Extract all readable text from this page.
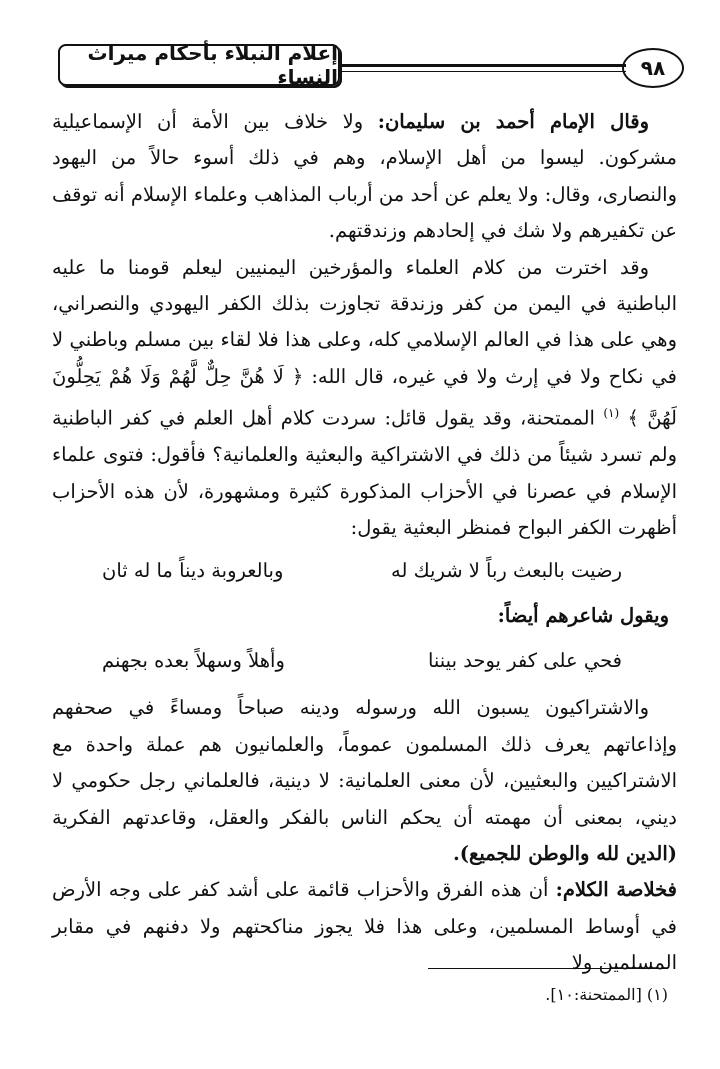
إعلام النبلاء بأحكام ميراث النساء	٩٨

وقال الإمام أحمد بن سليمان: ولا خلاف بين الأمة أن الإسماعيلية مشركون. ليسوا من أهل الإسلام، وهم في ذلك أسوء حالاً من اليهود والنصارى، وقال: ولا يعلم عن أحد من أرباب المذاهب وعلماء الإسلام أنه توقف عن تكفيرهم ولا شك في إلحادهم وزندقتهم.

وقد اخترت من كلام العلماء والمؤرخين اليمنيين ليعلم قومنا ما عليه الباطنية في اليمن من كفر وزندقة تجاوزت بذلك الكفر اليهودي والنصراني، وهي على هذا في العالم الإسلامي كله، وعلى هذا فلا لقاء بين مسلم وباطني لا في نكاح ولا في إرث ولا في غيره، قال الله: ﴿ لَا هُنَّ حِلٌّ لَّهُمْ وَلَا هُمْ يَحِلُّونَ لَهُنَّ ﴾ $^{(١)}$ الممتحنة، وقد يقول قائل: سردت كلام أهل العلم في كفر الباطنية ولم تسرد شيئاً من ذلك في الاشتراكية والبعثية والعلمانية؟ فأقول: فتوى علماء الإسلام في عصرنا في الأحزاب المذكورة كثيرة ومشهورة، لأن هذه الأحزاب أظهرت الكفر البواح فمنظر البعثية يقول:

رضيت بالبعث رباً لا شريك له
وبالعروبة ديناً ما له ثان

ويقول شاعرهم أيضاً:

فحي على كفر يوحد بيننا
وأهلاً وسهلاً بعده بجهنم

والاشتراكيون يسبون الله ورسوله ودينه صباحاً ومساءً في صحفهم وإذاعاتهم يعرف ذلك المسلمون عموماً، والعلمانيون هم عملة واحدة مع الاشتراكيين والبعثيين، لأن معنى العلمانية: لا دينية، فالعلماني رجل حكومي لا ديني، بمعنى أن مهمته أن يحكم الناس بالفكر والعقل، وقاعدتهم الفكرية (الدين لله والوطن للجميع).

فخلاصة الكلام: أن هذه الفرق والأحزاب قائمة على أشد كفر على وجه الأرض في أوساط المسلمين، وعلى هذا فلا يجوز مناكحتهم ولا دفنهم في مقابر المسلمين ولا

(١) [الممتحنة:١٠].
